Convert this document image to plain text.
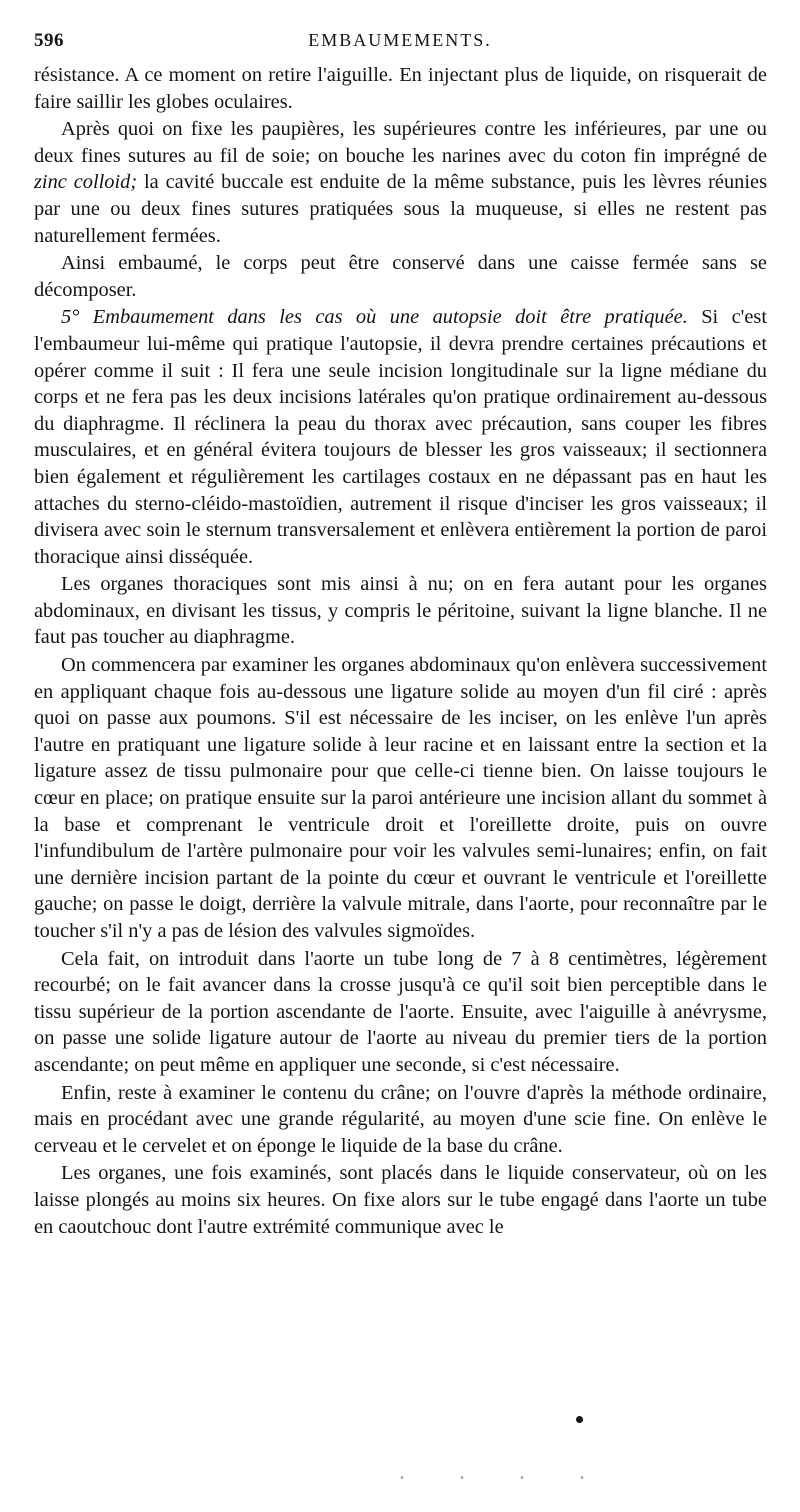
596	EMBAUMEMENTS.

résistance. A ce moment on retire l'aiguille. En injectant plus de liquide, on risquerait de faire saillir les globes oculaires.

Après quoi on fixe les paupières, les supérieures contre les inférieures, par une ou deux fines sutures au fil de soie; on bouche les narines avec du coton fin imprégné de zinc colloid; la cavité buccale est enduite de la même substance, puis les lèvres réunies par une ou deux fines sutures pratiquées sous la muqueuse, si elles ne restent pas naturellement fermées.

Ainsi embaumé, le corps peut être conservé dans une caisse fermée sans se décomposer.

5° Embaumement dans les cas où une autopsie doit être pratiquée. Si c'est l'embaumeur lui-même qui pratique l'autopsie, il devra prendre certaines précautions et opérer comme il suit : Il fera une seule incision longitudinale sur la ligne médiane du corps et ne fera pas les deux incisions latérales qu'on pratique ordinairement au-dessous du diaphragme. Il réclinera la peau du thorax avec précaution, sans couper les fibres musculaires, et en général évitera toujours de blesser les gros vaisseaux; il sectionnera bien également et régulièrement les cartilages costaux en ne dépassant pas en haut les attaches du sterno-cléido-mastoïdien, autrement il risque d'inciser les gros vaisseaux; il divisera avec soin le sternum transversalement et enlèvera entièrement la portion de paroi thoracique ainsi disséquée.

Les organes thoraciques sont mis ainsi à nu; on en fera autant pour les organes abdominaux, en divisant les tissus, y compris le péritoine, suivant la ligne blanche. Il ne faut pas toucher au diaphragme.

On commencera par examiner les organes abdominaux qu'on enlèvera successivement en appliquant chaque fois au-dessous une ligature solide au moyen d'un fil ciré : après quoi on passe aux poumons. S'il est nécessaire de les inciser, on les enlève l'un après l'autre en pratiquant une ligature solide à leur racine et en laissant entre la section et la ligature assez de tissu pulmonaire pour que celle-ci tienne bien. On laisse toujours le cœur en place; on pratique ensuite sur la paroi antérieure une incision allant du sommet à la base et comprenant le ventricule droit et l'oreillette droite, puis on ouvre l'infundibulum de l'artère pulmonaire pour voir les valvules semi-lunaires; enfin, on fait une dernière incision partant de la pointe du cœur et ouvrant le ventricule et l'oreillette gauche; on passe le doigt, derrière la valvule mitrale, dans l'aorte, pour reconnaître par le toucher s'il n'y a pas de lésion des valvules sigmoïdes.

Cela fait, on introduit dans l'aorte un tube long de 7 à 8 centimètres, légèrement recourbé; on le fait avancer dans la crosse jusqu'à ce qu'il soit bien perceptible dans le tissu supérieur de la portion ascendante de l'aorte. Ensuite, avec l'aiguille à anévrysme, on passe une solide ligature autour de l'aorte au niveau du premier tiers de la portion ascendante; on peut même en appliquer une seconde, si c'est nécessaire.

Enfin, reste à examiner le contenu du crâne; on l'ouvre d'après la méthode ordinaire, mais en procédant avec une grande régularité, au moyen d'une scie fine. On enlève le cerveau et le cervelet et on éponge le liquide de la base du crâne.

Les organes, une fois examinés, sont placés dans le liquide conservateur, où on les laisse plongés au moins six heures. On fixe alors sur le tube engagé dans l'aorte un tube en caoutchouc dont l'autre extrémité communique avec le
